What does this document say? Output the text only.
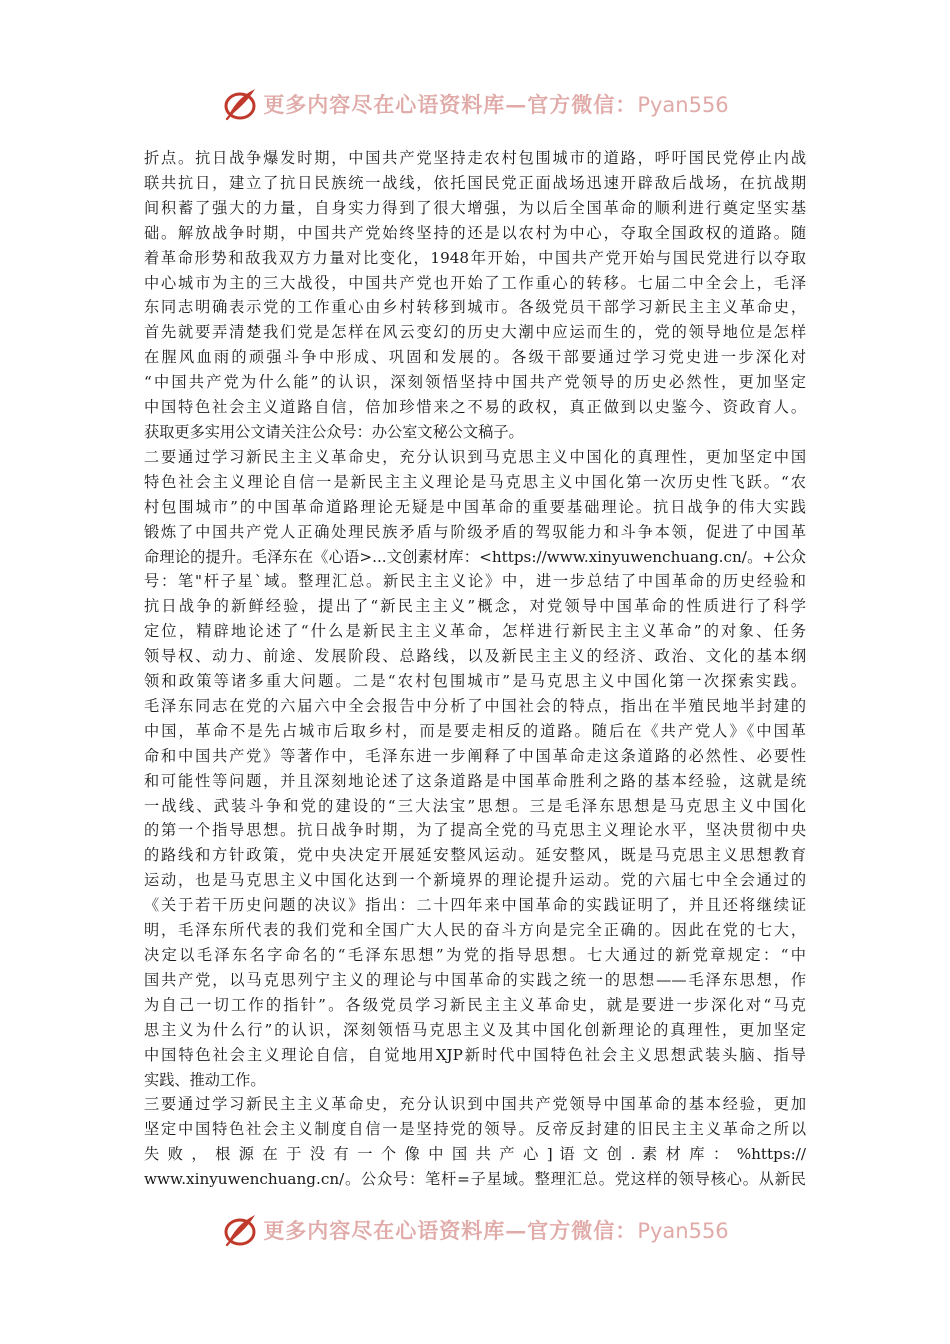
更多内容尽在心语资料库—官方微信：Pyan556
折点。抗日战争爆发时期，中国共产党坚持走农村包围城市的道路，呼吁国民党停止内战
联共抗日，建立了抗日民族统一战线，依托国民党正面战场迅速开辟敌后战场，在抗战期
间积蓄了强大的力量，自身实力得到了很大增强，为以后全国革命的顺利进行奠定坚实基
础。解放战争时期，中国共产党始终坚持的还是以农村为中心，夺取全国政权的道路。随
着革命形势和敌我双方力量对比变化，1948年开始，中国共产党开始与国民党进行以夺取
中心城市为主的三大战役，中国共产党也开始了工作重心的转移。七届二中全会上，毛泽
东同志明确表示党的工作重心由乡村转移到城市。各级党员干部学习新民主主义革命史，
首先就要弄清楚我们党是怎样在风云变幻的历史大潮中应运而生的，党的领导地位是怎样
在腥风血雨的顽强斗争中形成、巩固和发展的。各级干部要通过学习党史进一步深化对
“中国共产党为什么能”的认识，深刻领悟坚持中国共产党领导的历史必然性，更加坚定
中国特色社会主义道路自信，倍加珍惜来之不易的政权，真正做到以史鉴今、资政育人。
获取更多实用公文请关注公众号：办公室文秘公文稿子。
二要通过学习新民主主义革命史，充分认识到马克思主义中国化的真理性，更加坚定中国
特色社会主义理论自信一是新民主主义理论是马克思主义中国化第一次历史性飞跃。“农
村包围城市”的中国革命道路理论无疑是中国革命的重要基础理论。抗日战争的伟大实践
锻炼了中国共产党人正确处理民族矛盾与阶级矛盾的驾驭能力和斗争本领，促进了中国革
命理论的提升。毛泽东在《心语>...文创素材库：<https://www.xinyuwenchuang.cn/。+公众
号：笔"杆子星`域。整理汇总。新民主主义论》中，进一步总结了中国革命的历史经验和
抗日战争的新鲜经验，提出了“新民主主义”概念，对党领导中国革命的性质进行了科学
定位，精辟地论述了“什么是新民主主义革命，怎样进行新民主主义革命”的对象、任务
领导权、动力、前途、发展阶段、总路线，以及新民主主义的经济、政治、文化的基本纲
领和政策等诸多重大问题。二是“农村包围城市”是马克思主义中国化第一次探索实践。
毛泽东同志在党的六届六中全会报告中分析了中国社会的特点，指出在半殖民地半封建的
中国，革命不是先占城市后取乡村，而是要走相反的道路。随后在《共产党人》《中国革
命和中国共产党》等著作中，毛泽东进一步阐释了中国革命走这条道路的必然性、必要性
和可能性等问题，并且深刻地论述了这条道路是中国革命胜利之路的基本经验，这就是统
一战线、武装斗争和党的建设的“三大法宝”思想。三是毛泽东思想是马克思主义中国化
的第一个指导思想。抗日战争时期，为了提高全党的马克思主义理论水平，坚决贯彻中央
的路线和方针政策，党中央决定开展延安整风运动。延安整风，既是马克思主义思想教育
运动，也是马克思主义中国化达到一个新境界的理论提升运动。党的六届七中全会通过的
《关于若干历史问题的决议》指出：二十四年来中国革命的实践证明了，并且还将继续证
明，毛泽东所代表的我们党和全国广大人民的奋斗方向是完全正确的。因此在党的七大，
决定以毛泽东名字命名的“毛泽东思想”为党的指导思想。七大通过的新党章规定：“中
国共产党，以马克思列宁主义的理论与中国革命的实践之统一的思想——毛泽东思想，作
为自己一切工作的指针”。各级党员学习新民主主义革命史，就是要进一步深化对“马克
思主义为什么行”的认识，深刻领悟马克思主义及其中国化创新理论的真理性，更加坚定
中国特色社会主义理论自信，自觉地用XJP新时代中国特色社会主义思想武装头脑、指导
实践、推动工作。
三要通过学习新民主主义革命史，充分认识到中国共产党领导中国革命的基本经验，更加
坚定中国特色社会主义制度自信一是坚持党的领导。反帝反封建的旧民主主义革命之所以
失 败 ， 根 源 在 于 没 有 一 个 像 中 国 共 产 心 ] 语 文 创 . 素 材 库 ： %https://
www.xinyuwenchuang.cn/。公众号：笔杆=子星域。整理汇总。党这样的领导核心。从新民
更多内容尽在心语资料库—官方微信：Pyan556
